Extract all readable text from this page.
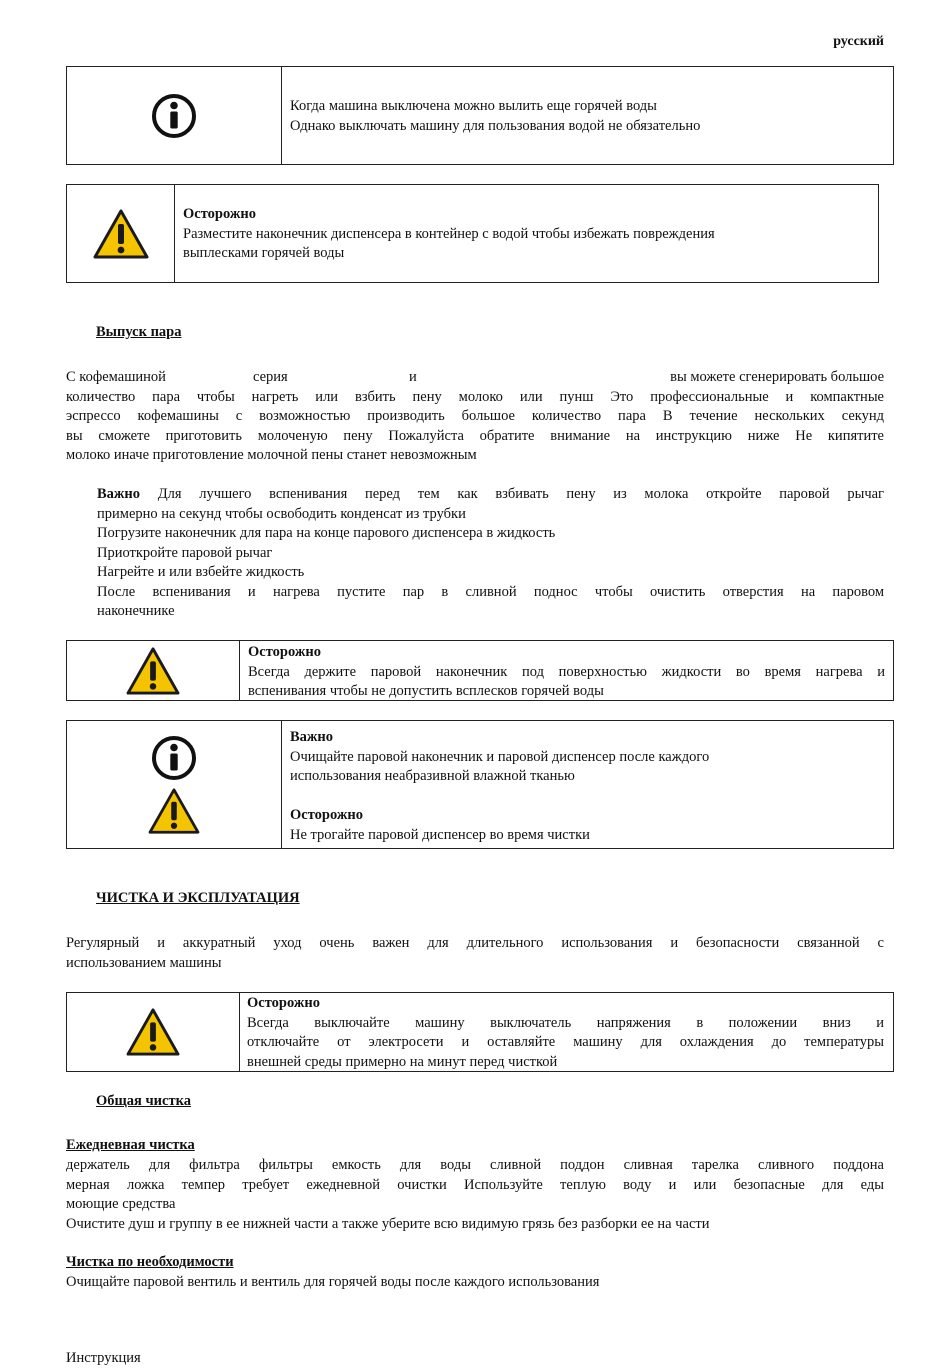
русский
Когда машина выключена можно вылить еще горячей воды
Однако выключать машину для пользования водой не обязательно
Осторожно
Разместите наконечник диспенсера в контейнер с водой чтобы избежать повреждения
выплесками горячей воды
Выпуск пара
С кофемашиной	серия	и	вы можете сгенерировать большое
количество пара чтобы нагреть или взбить пену молоко или пунш Это профессиональные и компактные
эспрессо кофемашины с возможностью производить большое количество пара В течение нескольких секунд
вы сможете приготовить молоченую пену Пожалуйста обратите внимание на инструкцию ниже Не кипятите
молоко иначе приготовление молочной пены станет невозможным
Важно Для лучшего вспенивания перед тем как взбивать пену из молока откройте паровой рычаг
примерно на секунд чтобы освободить конденсат из трубки
Погрузите наконечник для пара на конце парового диспенсера в жидкость
Приоткройте паровой рычаг
Нагрейте и или взбейте жидкость
После вспенивания и нагрева пустите пар в сливной поднос чтобы очистить отверстия на паровом
наконечнике
Осторожно
Всегда держите паровой наконечник под поверхностью жидкости во время нагрева и
вспенивания чтобы не допустить всплесков горячей воды
Важно
Очищайте паровой наконечник и паровой диспенсер после каждого
использования неабразивной влажной тканью
Осторожно
Не трогайте паровой диспенсер во время чистки
ЧИСТКА И ЭКСПЛУАТАЦИЯ
Регулярный и аккуратный уход очень важен для длительного использования и безопасности связанной с
использованием машины
Осторожно
Всегда выключайте машину выключатель напряжения в положении вниз и
отключайте от электросети и оставляйте машину для охлаждения до температуры
внешней среды примерно на минут перед чисткой
Общая чистка
Ежедневная чистка
держатель для фильтра фильтры емкость для воды сливной поддон сливная тарелка сливного поддона
мерная ложка темпер требует ежедневной очистки Используйте теплую воду и или безопасные для еды
моющие средства
Очистите душ и группу в ее нижней части а также уберите всю видимую грязь без разборки ее на части
Чистка по необходимости
Очищайте паровой вентиль и вентиль для горячей воды после каждого использования
Инструкция
